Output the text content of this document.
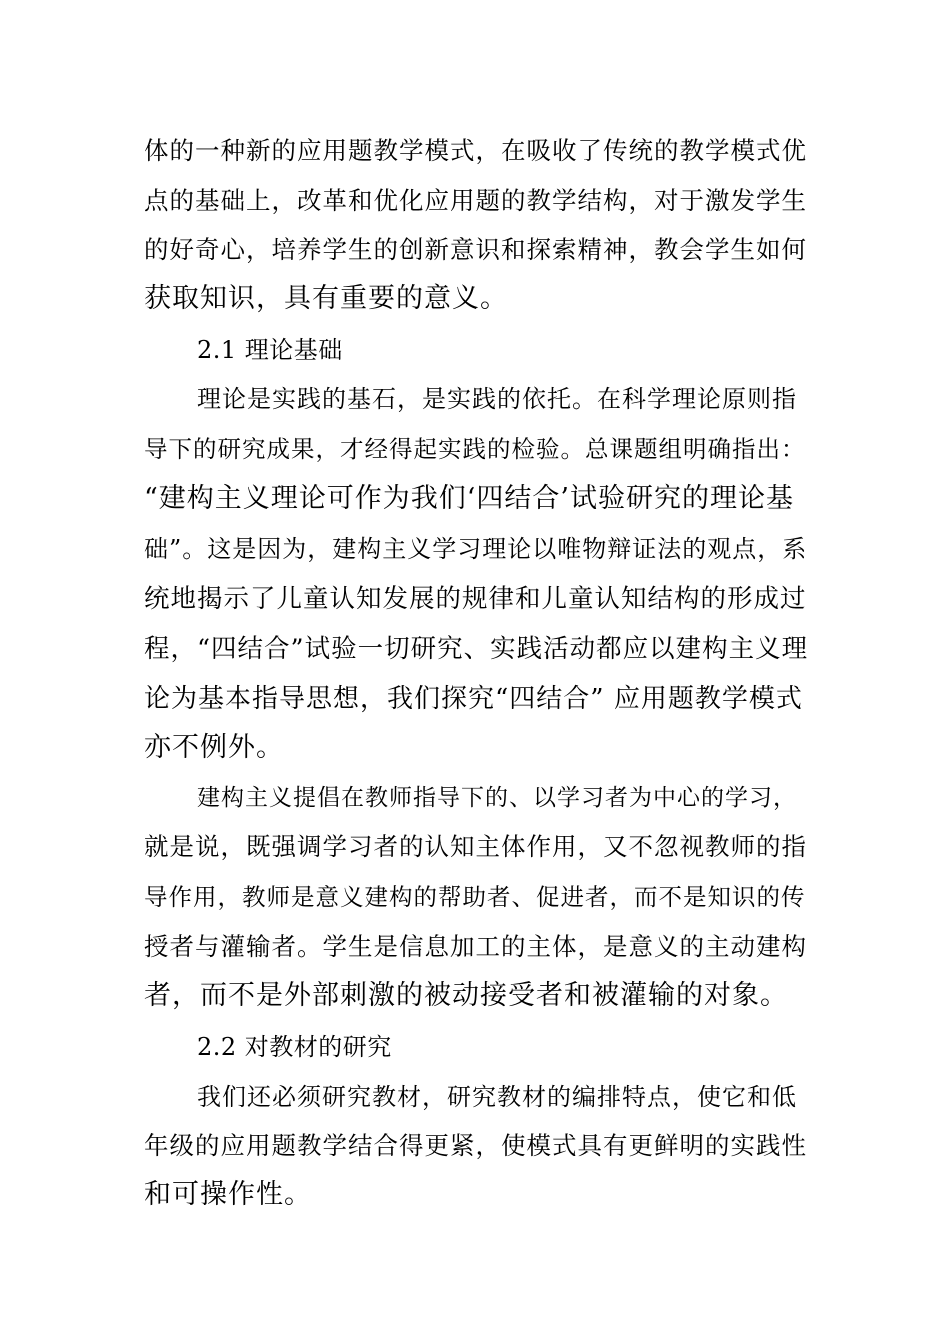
体的一种新的应用题教学模式，在吸收了传统的教学模式优
点的基础上，改革和优化应用题的教学结构，对于激发学生
的好奇心，培养学生的创新意识和探索精神，教会学生如何
获取知识，具有重要的意义。
2.1 理论基础
理论是实践的基石，是实践的依托。在科学理论原则指
导下的研究成果，才经得起实践的检验。总课题组明确指出：
“建构主义理论可作为我们‘四结合’试验研究的理论基
础”。这是因为，建构主义学习理论以唯物辩证法的观点，系
统地揭示了儿童认知发展的规律和儿童认知结构的形成过
程，“四结合”试验一切研究、实践活动都应以建构主义理
论为基本指导思想，我们探究“四结合” 应用题教学模式
亦不例外。
建构主义提倡在教师指导下的、以学习者为中心的学习，
就是说，既强调学习者的认知主体作用，又不忽视教师的指
导作用，教师是意义建构的帮助者、促进者，而不是知识的传
授者与灌输者。学生是信息加工的主体，是意义的主动建构
者，而不是外部刺激的被动接受者和被灌输的对象。
2.2 对教材的研究
我们还必须研究教材，研究教材的编排特点，使它和低
年级的应用题教学结合得更紧，使模式具有更鲜明的实践性
和可操作性。
